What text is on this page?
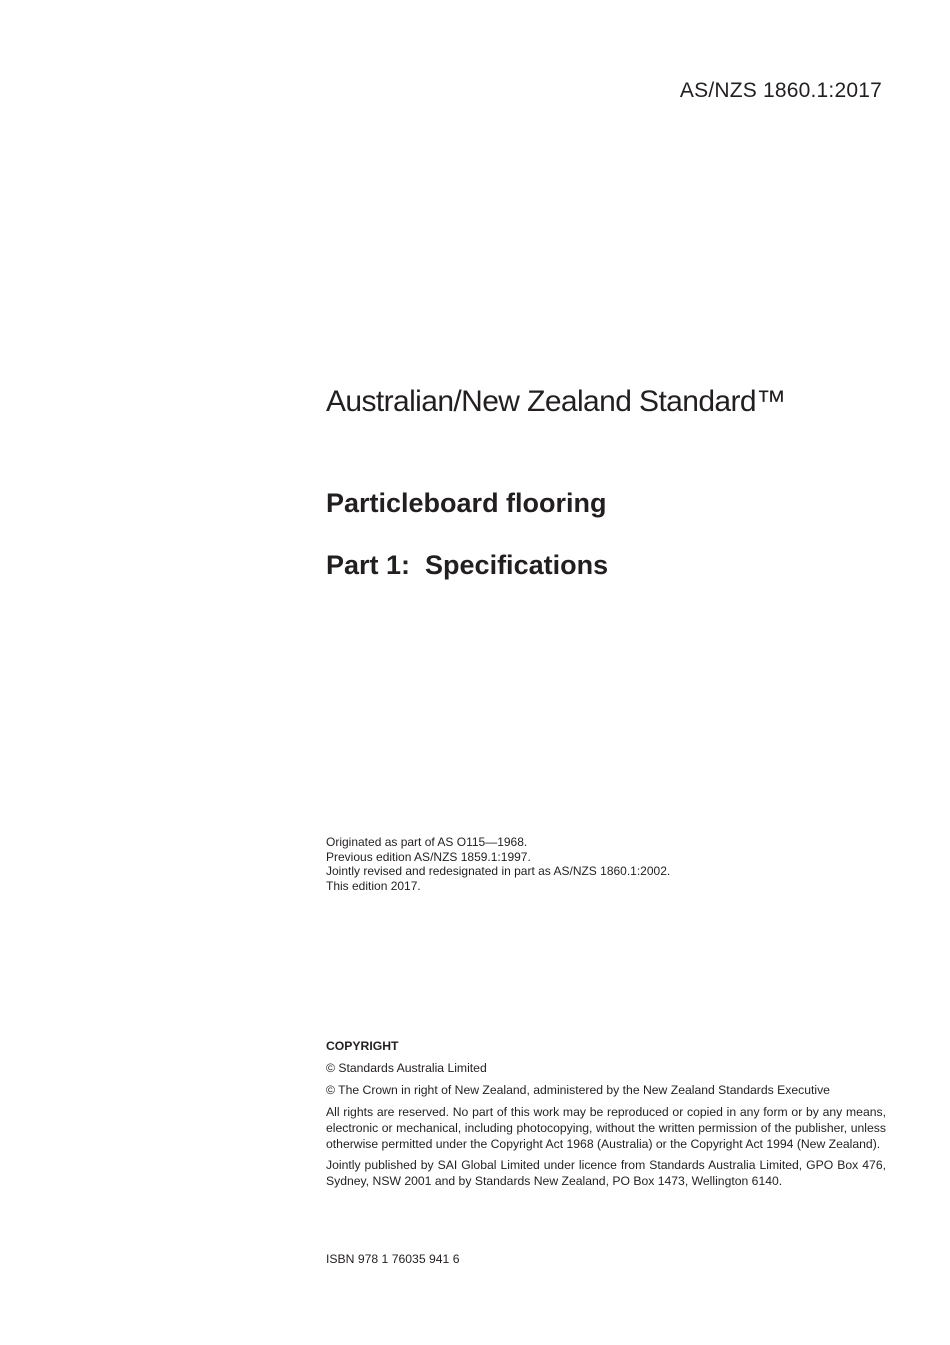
AS/NZS 1860.1:2017
Australian/New Zealand Standard™
Particleboard flooring
Part 1:  Specifications
Originated as part of AS O115—1968.
Previous edition AS/NZS 1859.1:1997.
Jointly revised and redesignated in part as AS/NZS 1860.1:2002.
This edition 2017.
COPYRIGHT
© Standards Australia Limited
© The Crown in right of New Zealand, administered by the New Zealand Standards Executive
All rights are reserved. No part of this work may be reproduced or copied in any form or by any means, electronic or mechanical, including photocopying, without the written permission of the publisher, unless otherwise permitted under the Copyright Act 1968 (Australia) or the Copyright Act 1994 (New Zealand).
Jointly published by SAI Global Limited under licence from Standards Australia Limited, GPO Box 476, Sydney, NSW 2001 and by Standards New Zealand, PO Box 1473, Wellington 6140.
ISBN 978 1 76035 941 6
